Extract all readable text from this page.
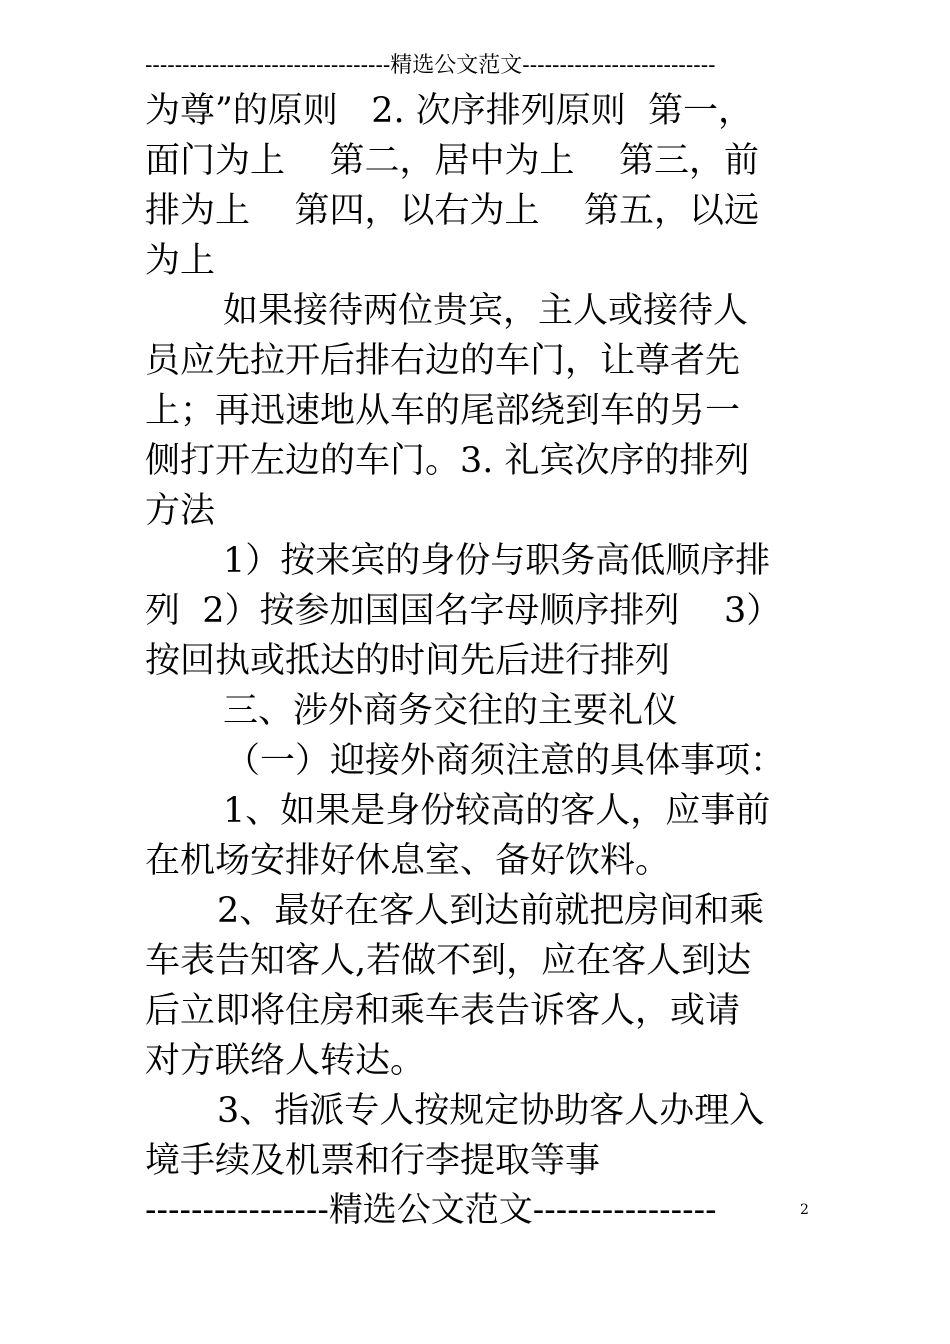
---------------------------------精选公文范文--------------------------
为尊”的原则   2. 次序排列原则  第一，
面门为上    第二，居中为上    第三，前
排为上    第四，以右为上    第五，以远
为上
如果接待两位贵宾，主人或接待人
员应先拉开后排右边的车门，让尊者先
上；再迅速地从车的尾部绕到车的另一
侧打开左边的车门。3. 礼宾次序的排列
方法
1）按来宾的身份与职务高低顺序排
列  2）按参加国国名字母顺序排列    3）
按回执或抵达的时间先后进行排列
三、涉外商务交往的主要礼仪
（一）迎接外商须注意的具体事项：
1、如果是身份较高的客人，应事前
在机场安排好休息室、备好饮料。
2、最好在客人到达前就把房间和乘
车表告知客人,若做不到，应在客人到达
后立即将住房和乘车表告诉客人，或请
对方联络人转达。
3、指派专人按规定协助客人办理入
境手续及机票和行李提取等事
----------------精选公文范文----------------	2
